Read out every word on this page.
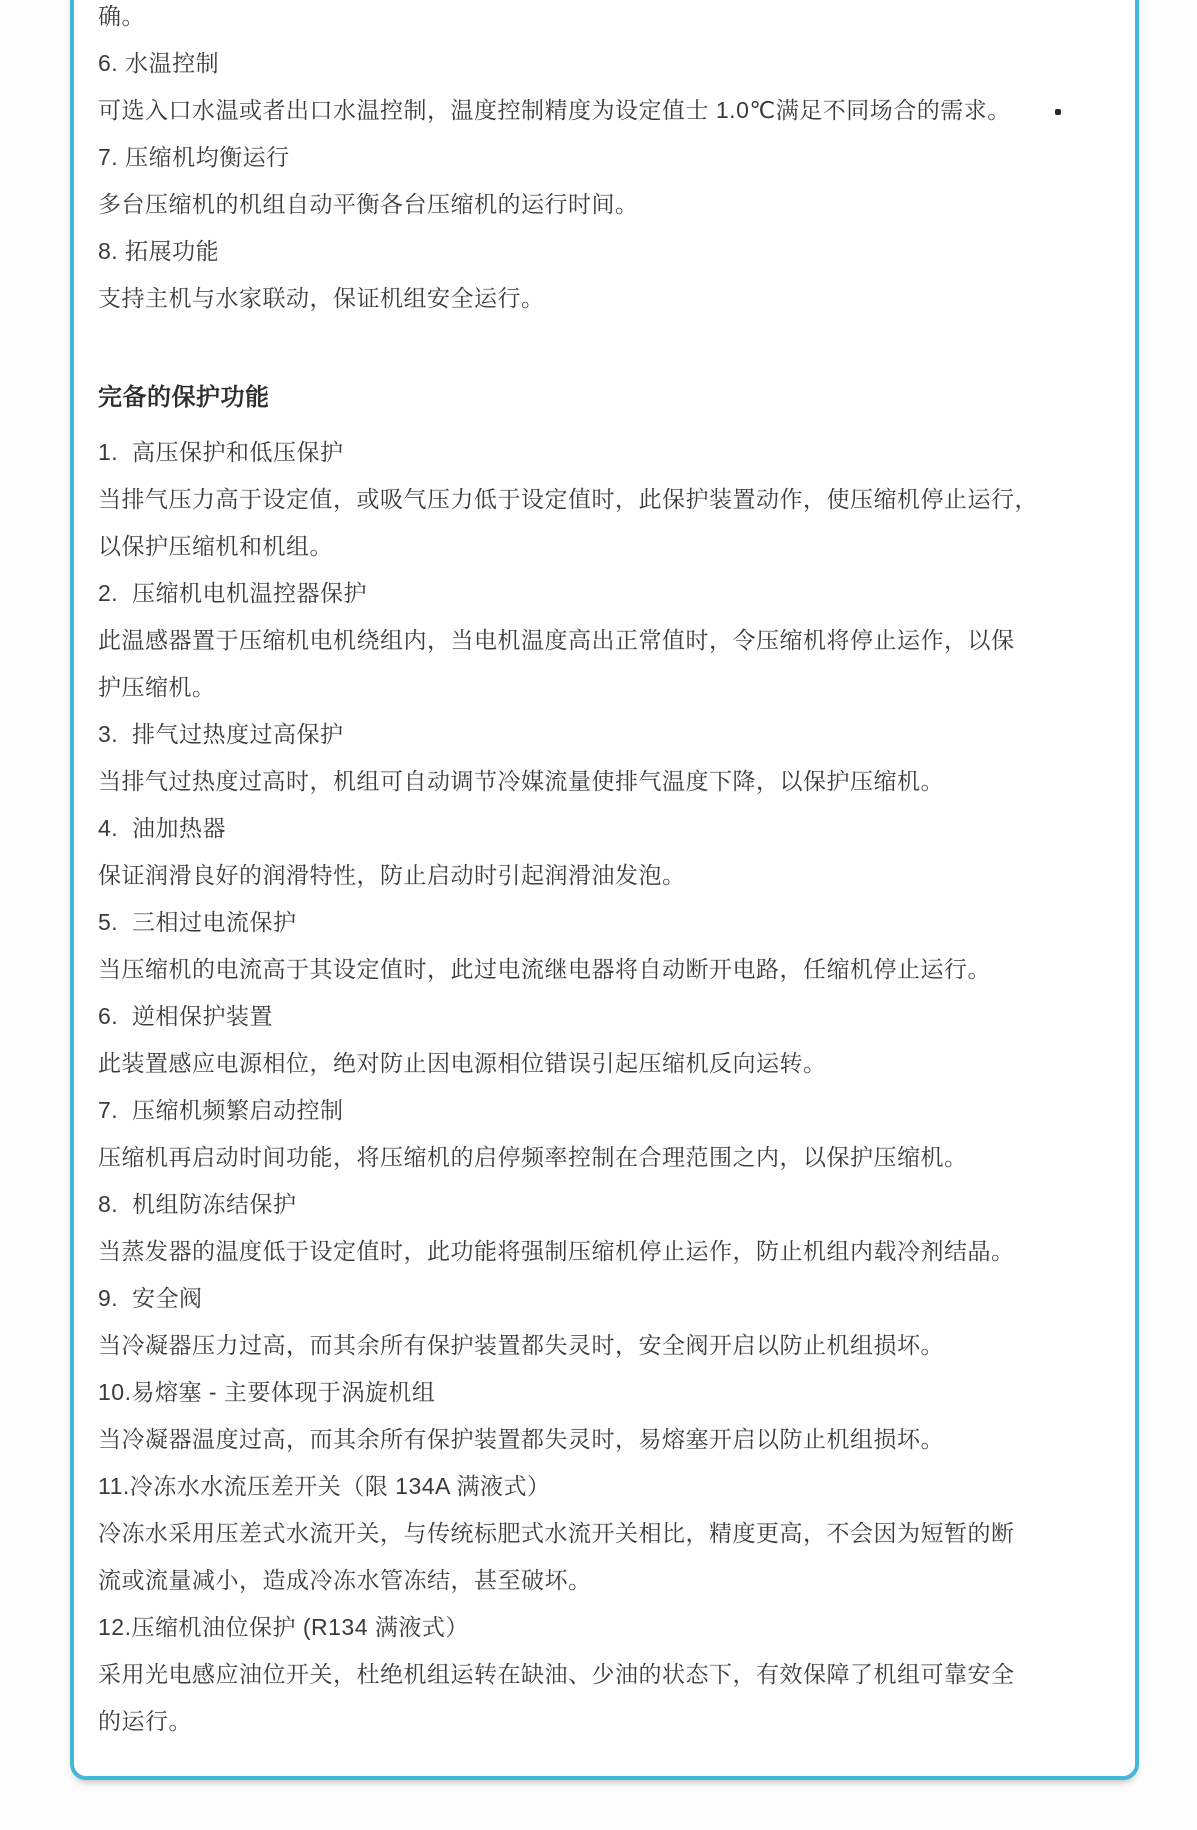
确。
6. 水温控制
可选入口水温或者出口水温控制，温度控制精度为设定值士 1.0℃满足不同场合的需求。
7. 压缩机均衡运行
多台压缩机的机组自动平衡各台压缩机的运行时间。
8. 拓展功能
支持主机与水家联动，保证机组安全运行。
完备的保护功能
1.  高压保护和低压保护
当排气压力高于设定值，或吸气压力低于设定值时，此保护装置动作，使压缩机停止运行，
以保护压缩机和机组。
2.  压缩机电机温控器保护
此温感器置于压缩机电机绕组内，当电机温度高出正常值时，令压缩机将停止运作，以保
护压缩机。
3.  排气过热度过高保护
当排气过热度过高时，机组可自动调节冷媒流量使排气温度下降，以保护压缩机。
4.  油加热器
保证润滑良好的润滑特性，防止启动时引起润滑油发泡。
5.  三相过电流保护
当压缩机的电流高于其设定值时，此过电流继电器将自动断开电路，任缩机停止运行。
6.  逆相保护装置
此装置感应电源相位，绝对防止因电源相位错误引起压缩机反向运转。
7.  压缩机频繁启动控制
压缩机再启动时间功能，将压缩机的启停频率控制在合理范围之内，以保护压缩机。
8.  机组防冻结保护
当蒸发器的温度低于设定值时，此功能将强制压缩机停止运作，防止机组内载冷剂结晶。
9.  安全阀
当冷凝器压力过高，而其余所有保护装置都失灵时，安全阀开启以防止机组损坏。
10.易熔塞 - 主要体现于涡旋机组
当冷凝器温度过高，而其余所有保护装置都失灵时，易熔塞开启以防止机组损坏。
11.冷冻水水流压差开关（限 134A 满液式）
冷冻水采用压差式水流开关，与传统标肥式水流开关相比，精度更高，不会因为短暂的断
流或流量减小，造成冷冻水管冻结，甚至破坏。
12.压缩机油位保护 (R134 满液式）
采用光电感应油位开关，杜绝机组运转在缺油、少油的状态下，有效保障了机组可靠安全
的运行。
